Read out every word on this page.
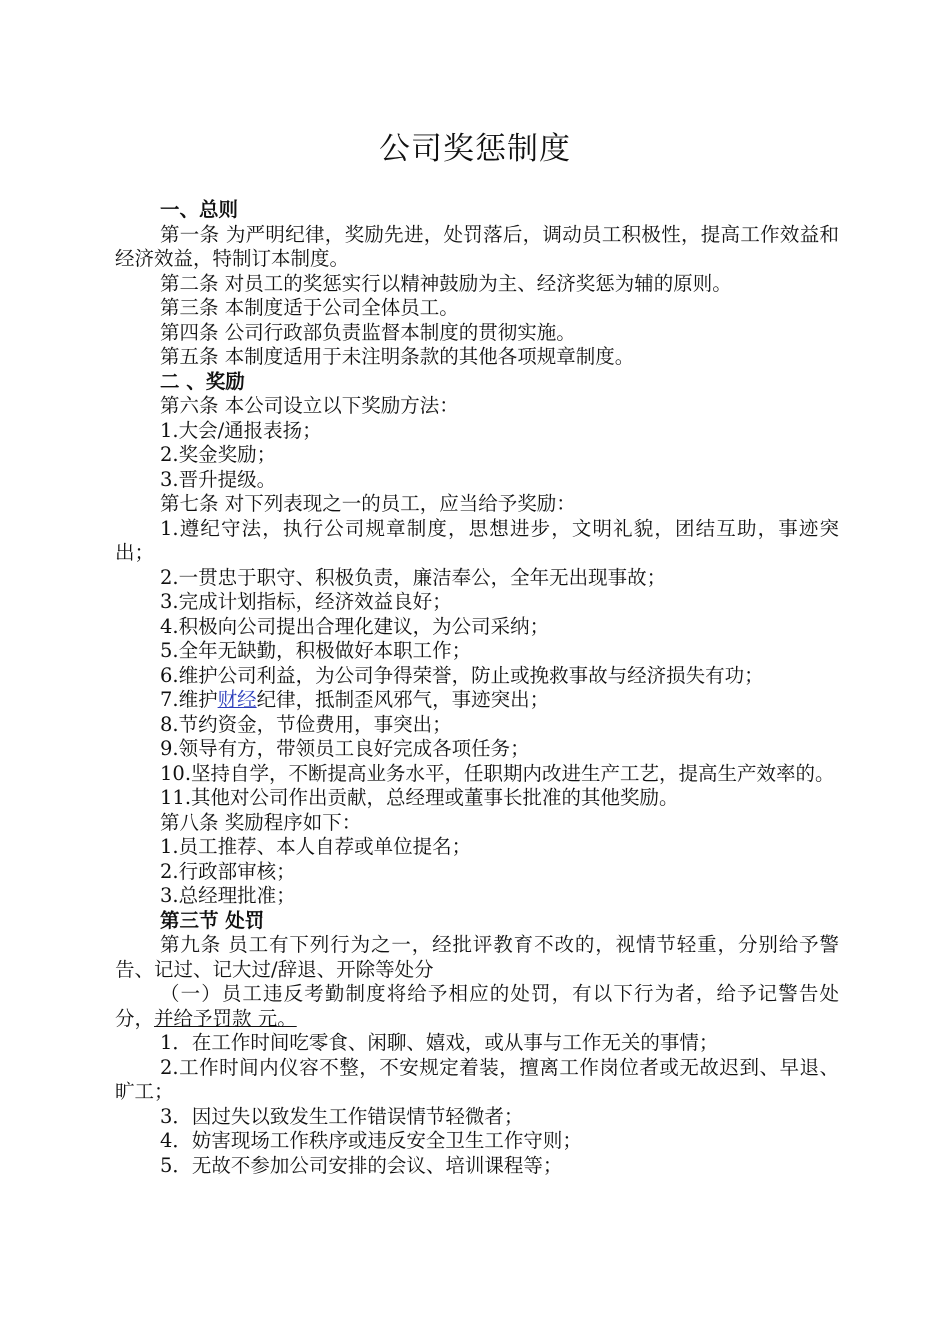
公司奖惩制度

一、总则

第一条 为严明纪律，奖励先进，处罚落后，调动员工积极性，提高工作效益和经济效益，特制订本制度。

第二条 对员工的奖惩实行以精神鼓励为主、经济奖惩为辅的原则。

第三条 本制度适于公司全体员工。

第四条 公司行政部负责监督本制度的贯彻实施。

第五条 本制度适用于未注明条款的其他各项规章制度。

二 、奖励

第六条 本公司设立以下奖励方法：

1.大会/通报表扬；

2.奖金奖励；

3.晋升提级。

第七条 对下列表现之一的员工，应当给予奖励：

1.遵纪守法，执行公司规章制度，思想进步，文明礼貌，团结互助，事迹突出；

2.一贯忠于职守、积极负责，廉洁奉公，全年无出现事故；

3.完成计划指标，经济效益良好；

4.积极向公司提出合理化建议，为公司采纳；

5.全年无缺勤，积极做好本职工作；

6.维护公司利益，为公司争得荣誉，防止或挽救事故与经济损失有功；

7.维护财经纪律，抵制歪风邪气，事迹突出；

8.节约资金，节俭费用，事突出；

9.领导有方，带领员工良好完成各项任务；

10.坚持自学，不断提高业务水平，任职期内改进生产工艺，提高生产效率的。

11.其他对公司作出贡献，总经理或董事长批准的其他奖励。

第八条 奖励程序如下：

1.员工推荐、本人自荐或单位提名；

2.行政部审核；

3.总经理批准；

第三节 处罚

第九条 员工有下列行为之一，经批评教育不改的，视情节轻重，分别给予警告、记过、记大过/辞退、开除等处分

（一）员工违反考勤制度将给予相应的处罚，有以下行为者，给予记警告处分，并给予罚款 元。

1．在工作时间吃零食、闲聊、嬉戏，或从事与工作无关的事情；

2.工作时间内仪容不整，不安规定着装，擅离工作岗位者或无故迟到、早退、旷工；

3．因过失以致发生工作错误情节轻微者；

4．妨害现场工作秩序或违反安全卫生工作守则；

5．无故不参加公司安排的会议、培训课程等；
